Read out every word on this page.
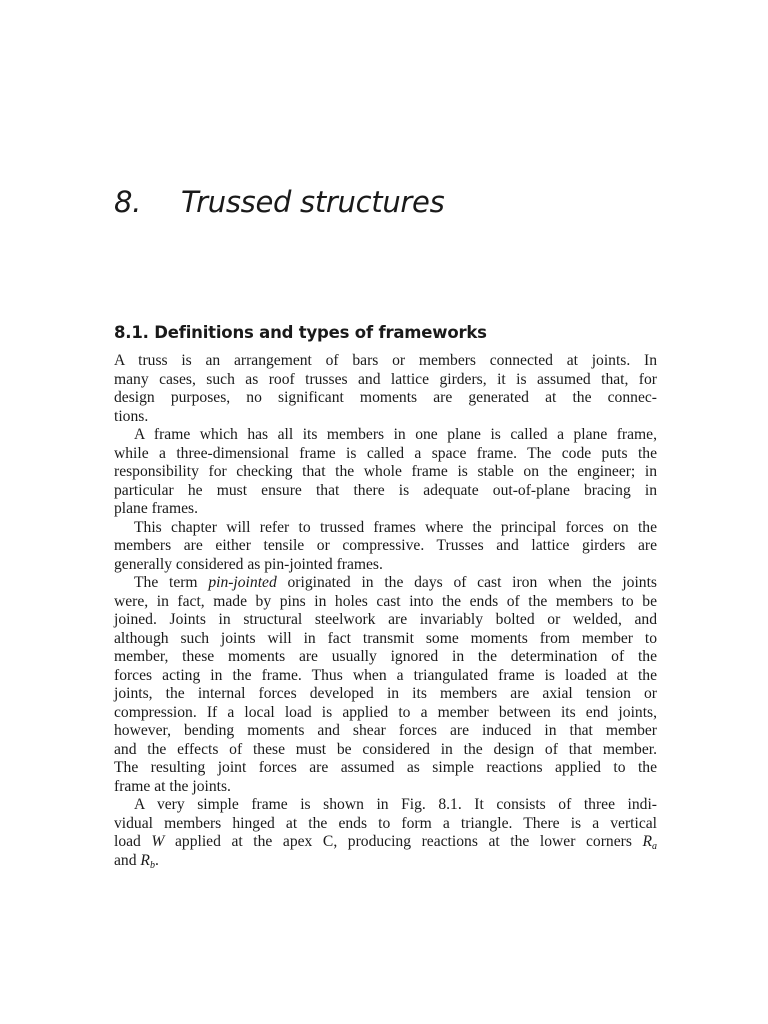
8. Trussed structures
8.1. Definitions and types of frameworks

A truss is an arrangement of bars or members connected at joints. In
many cases, such as roof trusses and lattice girders, it is assumed that, for
design purposes, no significant moments are generated at the connec-
tions.

A frame which has all its members in one plane is called a plane frame,
while a three-dimensional frame is called a space frame. The code puts the
responsibility for checking that the whole frame is stable on the engineer; in
particular he must ensure that there is adequate out-of-plane bracing in
plane frames.

This chapter will refer to trussed frames where the principal forces on the
members are either tensile or compressive. Trusses and lattice girders are
generally considered as pin-jointed frames.

The term pin-jointed originated in the days of cast iron when the joints
were, in fact, made by pins in holes cast into the ends of the members to be
joined. Joints in structural steelwork are invariably bolted or welded, and
although such joints will in fact transmit some moments from member to
member, these moments are usually ignored in the determination of the
forces acting in the frame. Thus when a triangulated frame is loaded at the
joints, the internal forces developed in its members are axial tension or
compression. If a local load is applied to a member between its end joints,
however, bending moments and shear forces are induced in that member
and the effects of these must be considered in the design of that member.
The resulting joint forces are assumed as simple reactions applied to the
frame at the joints.

A very simple frame is shown in Fig. 8.1. It consists of three indi-
vidual members hinged at the ends to form a triangle. There is a vertical
load W applied at the apex C, producing reactions at the lower corners $R_a$
and $R_b$.
